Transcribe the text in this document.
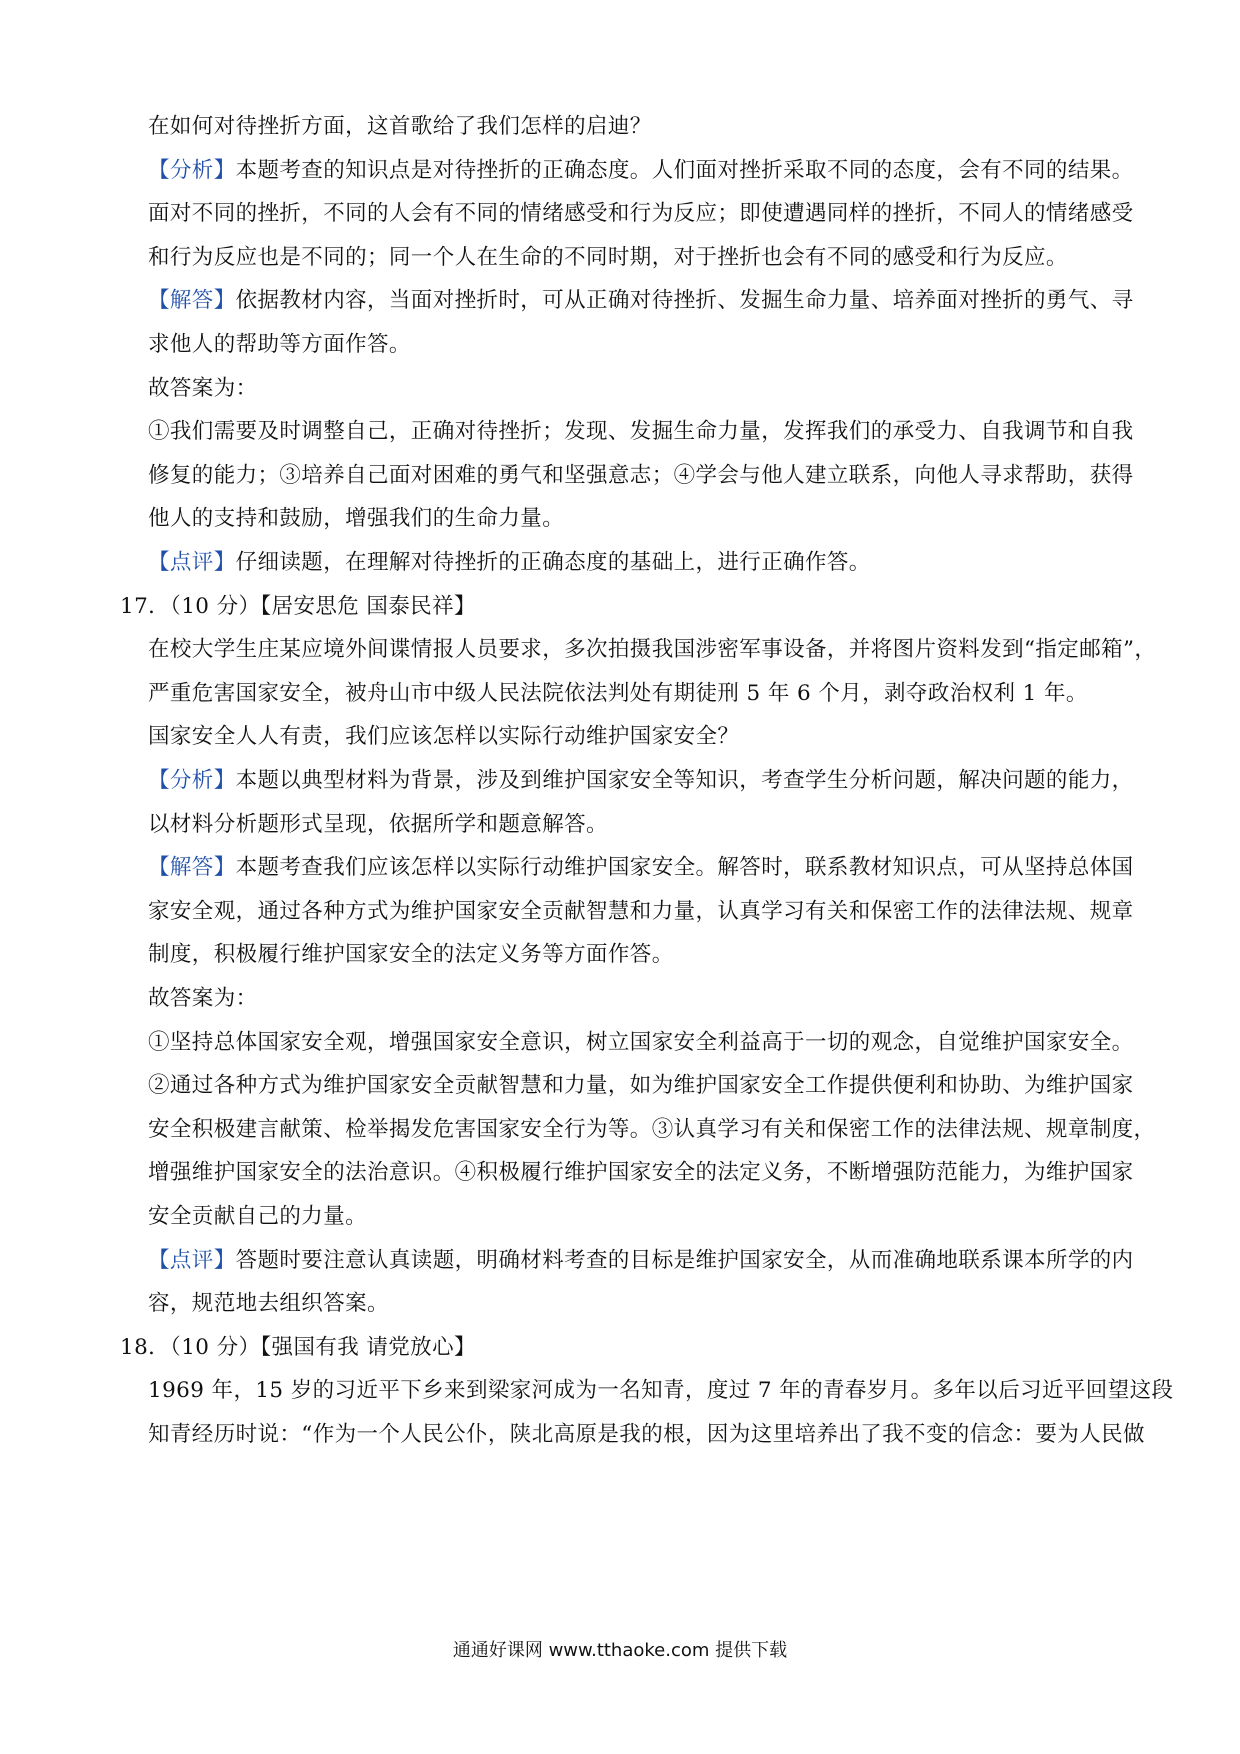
在如何对待挫折方面，这首歌给了我们怎样的启迪？
【分析】本题考查的知识点是对待挫折的正确态度。人们面对挫折采取不同的态度，会有不同的结果。
面对不同的挫折，不同的人会有不同的情绪感受和行为反应；即使遭遇同样的挫折，不同人的情绪感受
和行为反应也是不同的；同一个人在生命的不同时期，对于挫折也会有不同的感受和行为反应。
【解答】依据教材内容，当面对挫折时，可从正确对待挫折、发掘生命力量、培养面对挫折的勇气、寻
求他人的帮助等方面作答。
故答案为：
①我们需要及时调整自己，正确对待挫折；发现、发掘生命力量，发挥我们的承受力、自我调节和自我
修复的能力；③培养自己面对困难的勇气和坚强意志；④学会与他人建立联系，向他人寻求帮助，获得
他人的支持和鼓励，增强我们的生命力量。
【点评】仔细读题，在理解对待挫折的正确态度的基础上，进行正确作答。
17．（10 分）【居安思危 国泰民祥】
在校大学生庄某应境外间谍情报人员要求，多次拍摄我国涉密军事设备，并将图片资料发到“指定邮箱”，
严重危害国家安全，被舟山市中级人民法院依法判处有期徒刑 5 年 6 个月，剥夺政治权利 1 年。
国家安全人人有责，我们应该怎样以实际行动维护国家安全？
【分析】本题以典型材料为背景，涉及到维护国家安全等知识，考查学生分析问题，解决问题的能力，
以材料分析题形式呈现，依据所学和题意解答。
【解答】本题考查我们应该怎样以实际行动维护国家安全。解答时，联系教材知识点，可从坚持总体国
家安全观，通过各种方式为维护国家安全贡献智慧和力量，认真学习有关和保密工作的法律法规、规章
制度，积极履行维护国家安全的法定义务等方面作答。
故答案为：
①坚持总体国家安全观，增强国家安全意识，树立国家安全利益高于一切的观念，自觉维护国家安全。
②通过各种方式为维护国家安全贡献智慧和力量，如为维护国家安全工作提供便利和协助、为维护国家
安全积极建言献策、检举揭发危害国家安全行为等。③认真学习有关和保密工作的法律法规、规章制度，
增强维护国家安全的法治意识。④积极履行维护国家安全的法定义务，不断增强防范能力，为维护国家
安全贡献自己的力量。
【点评】答题时要注意认真读题，明确材料考查的目标是维护国家安全，从而准确地联系课本所学的内
容，规范地去组织答案。
18．（10 分）【强国有我 请党放心】
1969 年，15 岁的习近平下乡来到梁家河成为一名知青，度过 7 年的青春岁月。多年以后习近平回望这段
知青经历时说：“作为一个人民公仆，陕北高原是我的根，因为这里培养出了我不变的信念：要为人民做
通通好课网 www.tthaoke.com 提供下载
